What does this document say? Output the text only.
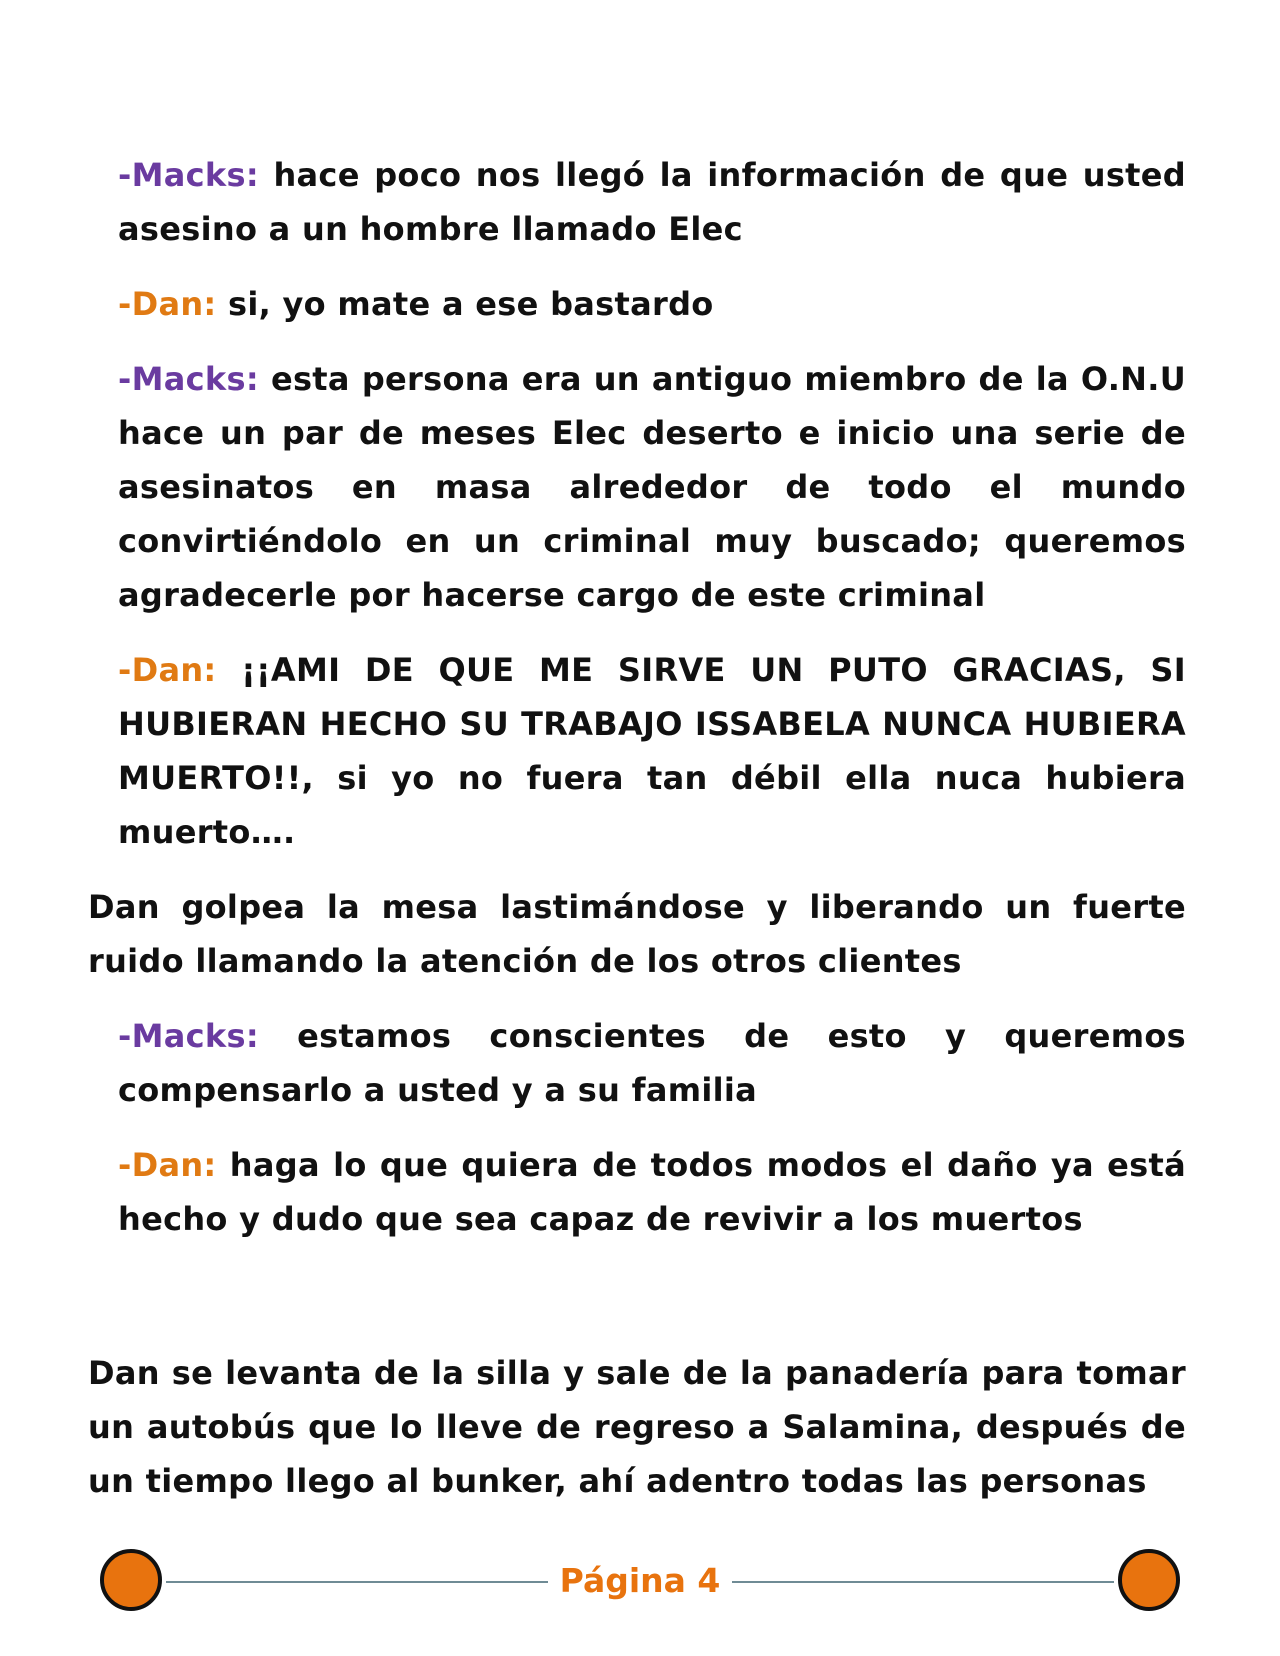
-Macks: hace poco nos llegó la información de que usted asesino a un hombre llamado Elec

-Dan: si, yo mate a ese bastardo

-Macks: esta persona era un antiguo miembro de la O.N.U hace un par de meses Elec deserto e inicio una serie de asesinatos en masa alrededor de todo el mundo convirtiéndolo en un criminal muy buscado; queremos agradecerle por hacerse cargo de este criminal

-Dan: ¡¡AMI DE QUE ME SIRVE UN PUTO GRACIAS, SI HUBIERAN HECHO SU TRABAJO ISSABELA NUNCA HUBIERA MUERTO!!, si yo no fuera tan débil ella nuca hubiera muerto….

Dan golpea la mesa lastimándose y liberando un fuerte ruido llamando la atención de los otros clientes

-Macks: estamos conscientes de esto y queremos compensarlo a usted y a su familia

-Dan: haga lo que quiera de todos modos el daño ya está hecho y dudo que sea capaz de revivir a los muertos

Dan se levanta de la silla y sale de la panadería para tomar un autobús que lo lleve de regreso a Salamina, después de un tiempo llego al bunker, ahí adentro todas las personas

Página 4
